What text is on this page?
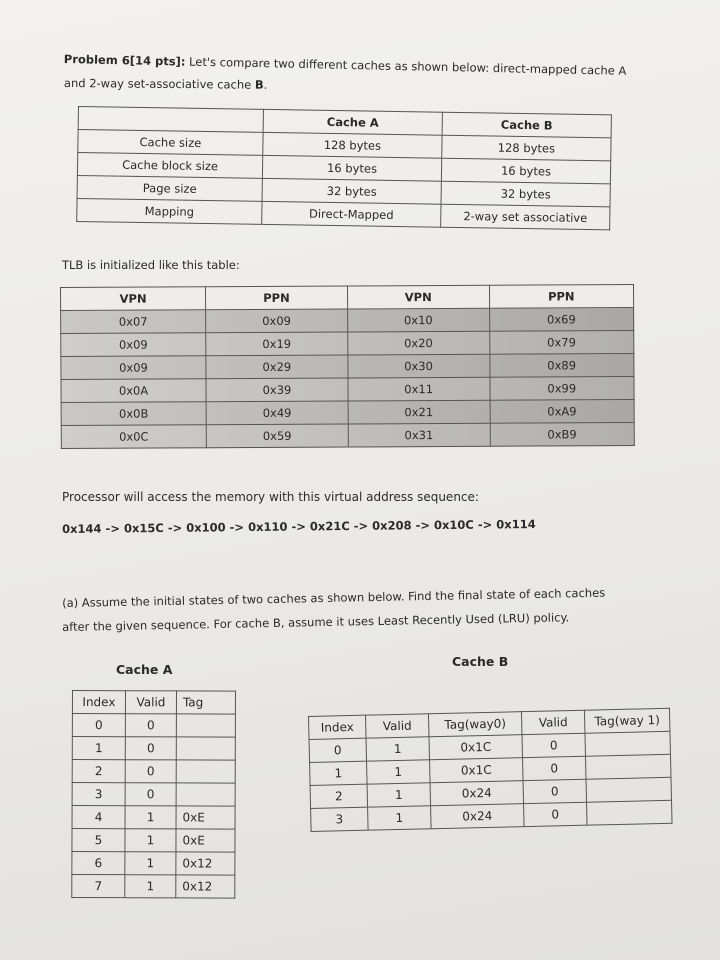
Problem 6[14 pts]: Let's compare two different caches as shown below: direct-mapped cache A
and 2-way set-associative cache B.
	Cache A	Cache B
Cache size	128 bytes	128 bytes
Cache block size	16 bytes	16 bytes
Page size	32 bytes	32 bytes
Mapping	Direct-Mapped	2-way set associative
TLB is initialized like this table:
VPN	PPN	VPN	PPN
0x07	0x09	0x10	0x69
0x09	0x19	0x20	0x79
0x09	0x29	0x30	0x89
0x0A	0x39	0x11	0x99
0x0B	0x49	0x21	0xA9
0x0C	0x59	0x31	0xB9
Processor will access the memory with this virtual address sequence:
0x144 -> 0x15C -> 0x100 -> 0x110 -> 0x21C -> 0x208 -> 0x10C -> 0x114
(a) Assume the initial states of two caches as shown below. Find the final state of each caches
after the given sequence. For cache B, assume it uses Least Recently Used (LRU) policy.
Cache A
Cache B
Index	Valid	Tag
0	0	
1	0	
2	0	
3	0	
4	1	0xE
5	1	0xE
6	1	0x12
7	1	0x12
Index	Valid	Tag(way0)	Valid	Tag(way 1)
0	1	0x1C	0	
1	1	0x1C	0	
2	1	0x24	0	
3	1	0x24	0	
